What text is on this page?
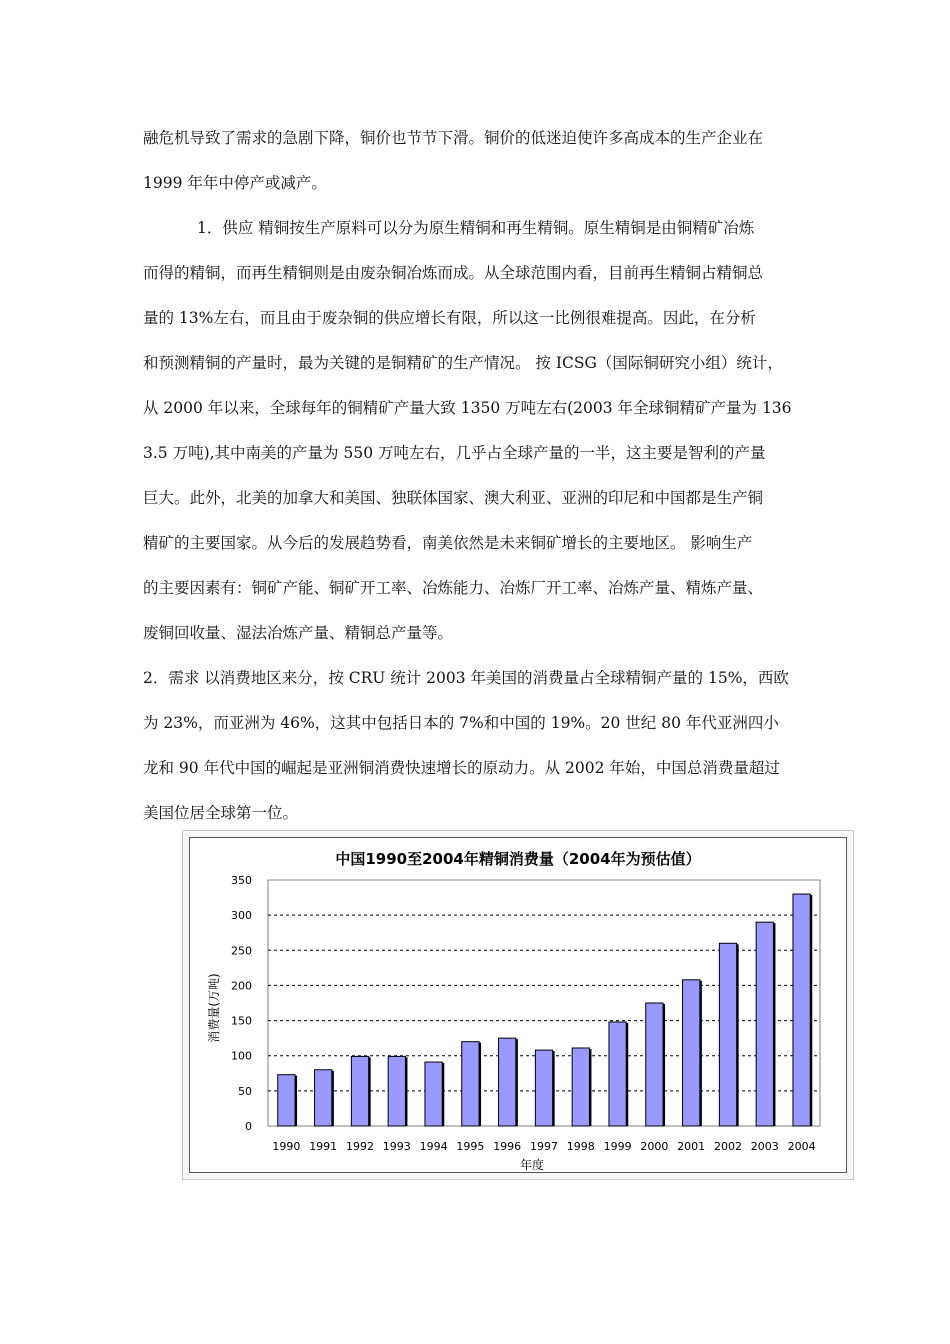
融危机导致了需求的急剧下降，铜价也节节下滑。铜价的低迷迫使许多高成本的生产企业在
1999 年年中停产或减产。
1．供应 精铜按生产原料可以分为原生精铜和再生精铜。原生精铜是由铜精矿冶炼
而得的精铜，而再生精铜则是由废杂铜冶炼而成。从全球范围内看，目前再生精铜占精铜总
量的 13%左右，而且由于废杂铜的供应增长有限，所以这一比例很难提高。因此，在分析
和预测精铜的产量时，最为关键的是铜精矿的生产情况。 按 ICSG（国际铜研究小组）统计，
从 2000 年以来，全球每年的铜精矿产量大致 1350 万吨左右(2003 年全球铜精矿产量为 136
3.5 万吨),其中南美的产量为 550 万吨左右，几乎占全球产量的一半，这主要是智利的产量
巨大。此外，北美的加拿大和美国、独联体国家、澳大利亚、亚洲的印尼和中国都是生产铜
精矿的主要国家。从今后的发展趋势看，南美依然是未来铜矿增长的主要地区。 影响生产
的主要因素有：铜矿产能、铜矿开工率、冶炼能力、冶炼厂开工率、冶炼产量、精炼产量、
废铜回收量、湿法冶炼产量、精铜总产量等。
2．需求 以消费地区来分，按 CRU 统计 2003 年美国的消费量占全球精铜产量的 15%，西欧
为 23%，而亚洲为 46%，这其中包括日本的 7%和中国的 19%。20 世纪 80 年代亚洲四小
龙和 90 年代中国的崛起是亚洲铜消费快速增长的原动力。从 2002 年始，中国总消费量超过
美国位居全球第一位。
中国1990至2004年精铜消费量（2004年为预估值）
年度
消费量(万吨)
0
50
100
150
200
250
300
350
1990 1991 1992 1993 1994 1995 1996 1997 1998 1999 2000 2001 2002 2003 2004
